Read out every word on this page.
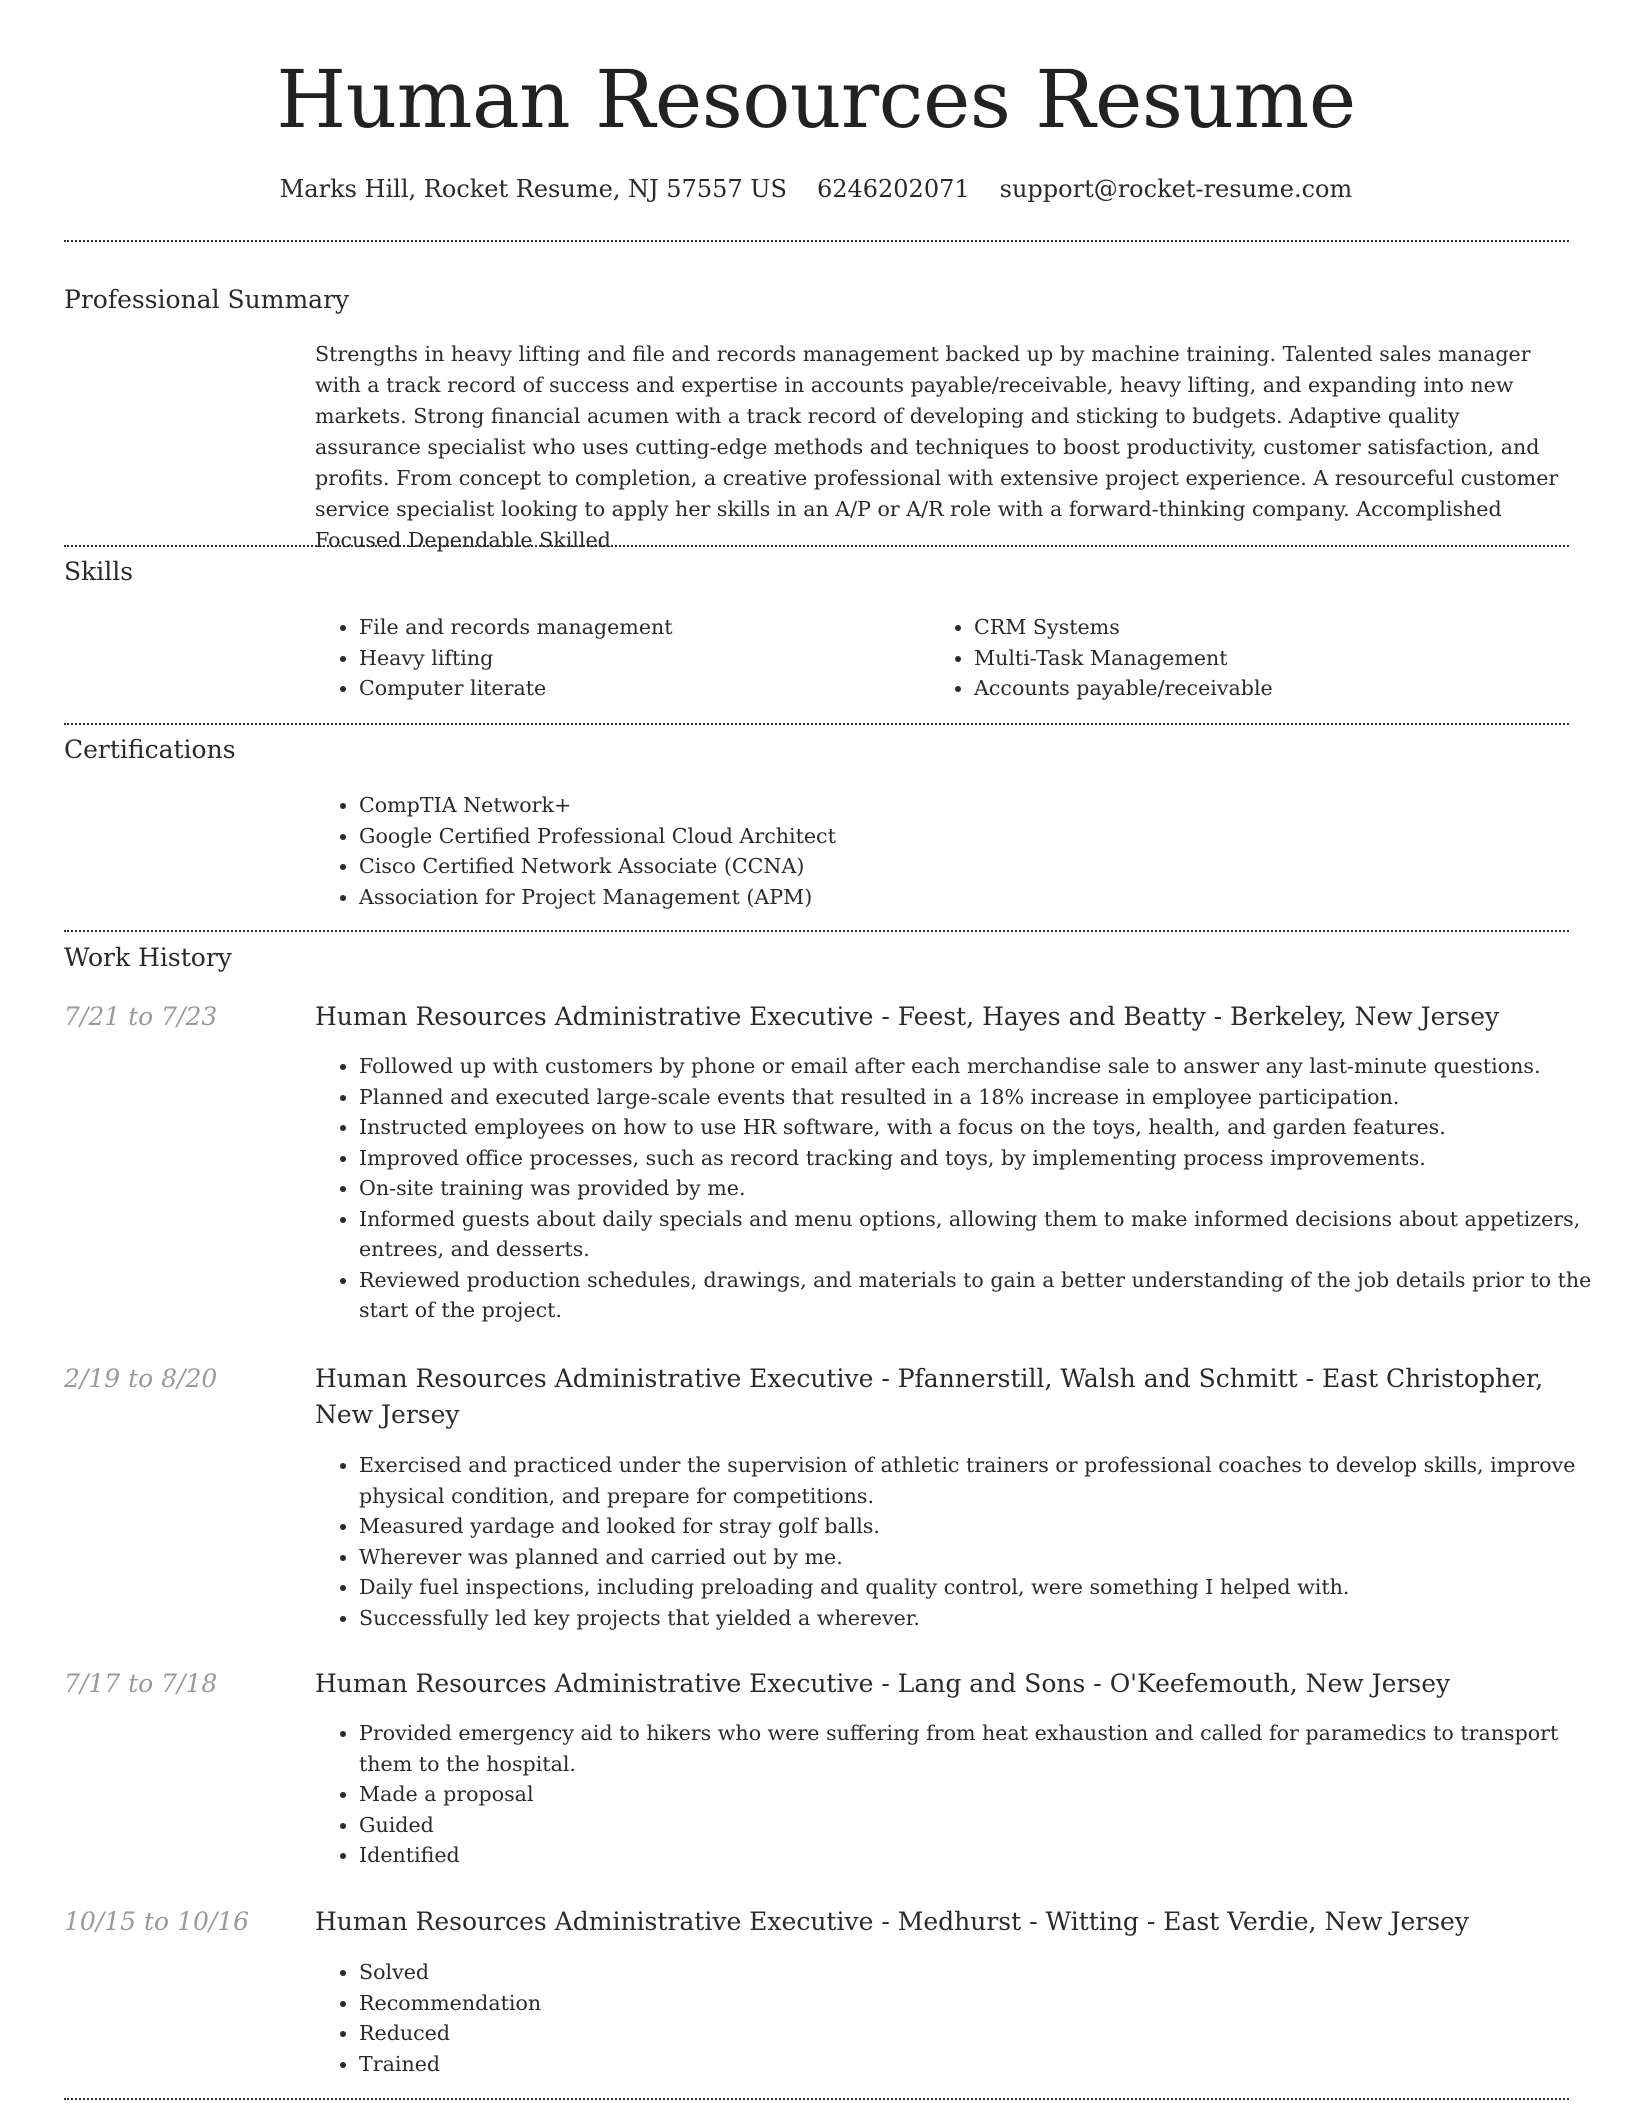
Human Resources Resume
Marks Hill, Rocket Resume, NJ 57557 US 6246202071 support@rocket-resume.com
Professional Summary

Strengths in heavy lifting and file and records management backed up by machine training. Talented sales manager with a track record of success and expertise in accounts payable/receivable, heavy lifting, and expanding into new markets. Strong financial acumen with a track record of developing and sticking to budgets. Adaptive quality assurance specialist who uses cutting-edge methods and techniques to boost productivity, customer satisfaction, and profits. From concept to completion, a creative professional with extensive project experience. A resourceful customer service specialist looking to apply her skills in an A/P or A/R role with a forward-thinking company. Accomplished Focused Dependable Skilled

Skills
• File and records management
• Heavy lifting
• Computer literate
• CRM Systems
• Multi-Task Management
• Accounts payable/receivable
Certifications
• CompTIA Network+
• Google Certified Professional Cloud Architect
• Cisco Certified Network Associate (CCNA)
• Association for Project Management (APM)
Work History
7/21 to 7/23	Human Resources Administrative Executive - Feest, Hayes and Beatty - Berkeley, New Jersey
• Followed up with customers by phone or email after each merchandise sale to answer any last-minute questions.
• Planned and executed large-scale events that resulted in a 18% increase in employee participation.
• Instructed employees on how to use HR software, with a focus on the toys, health, and garden features.
• Improved office processes, such as record tracking and toys, by implementing process improvements.
• On-site training was provided by me.
• Informed guests about daily specials and menu options, allowing them to make informed decisions about appetizers, entrees, and desserts.
• Reviewed production schedules, drawings, and materials to gain a better understanding of the job details prior to the start of the project.
2/19 to 8/20	Human Resources Administrative Executive - Pfannerstill, Walsh and Schmitt - East Christopher, New Jersey
• Exercised and practiced under the supervision of athletic trainers or professional coaches to develop skills, improve physical condition, and prepare for competitions.
• Measured yardage and looked for stray golf balls.
• Wherever was planned and carried out by me.
• Daily fuel inspections, including preloading and quality control, were something I helped with.
• Successfully led key projects that yielded a wherever.
7/17 to 7/18	Human Resources Administrative Executive - Lang and Sons - O'Keefemouth, New Jersey
• Provided emergency aid to hikers who were suffering from heat exhaustion and called for paramedics to transport them to the hospital.
• Made a proposal
• Guided
• Identified
10/15 to 10/16	Human Resources Administrative Executive - Medhurst - Witting - East Verdie, New Jersey
• Solved
• Recommendation
• Reduced
• Trained
